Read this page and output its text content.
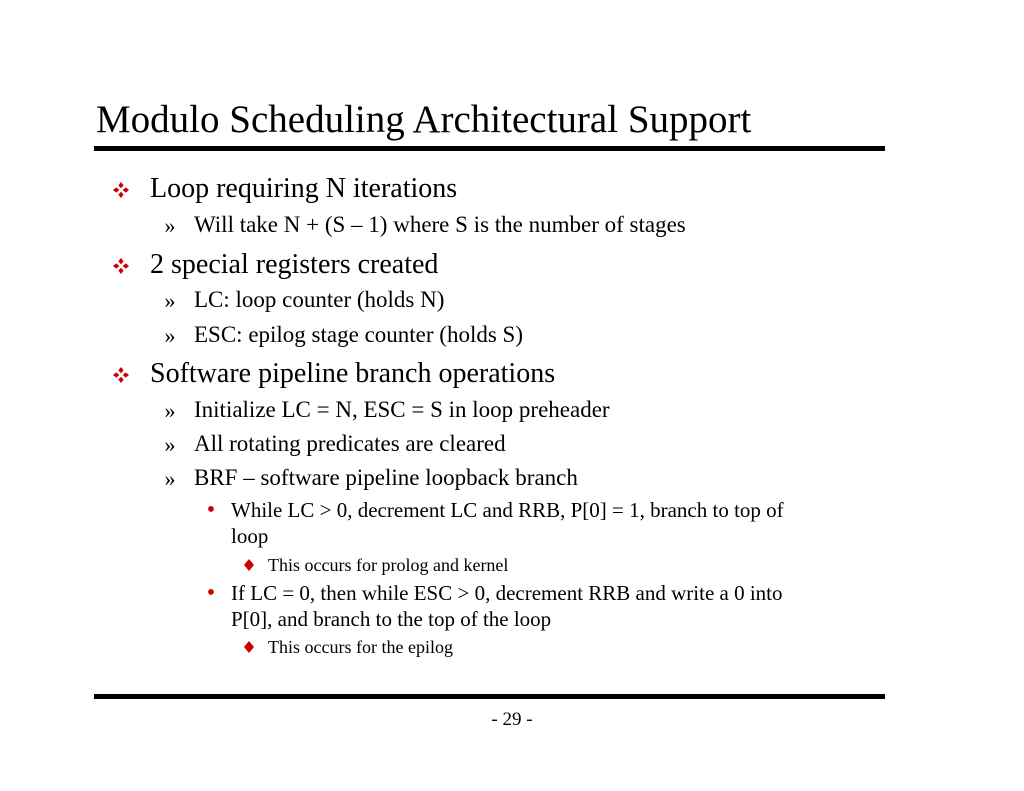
Modulo Scheduling Architectural Support
Loop requiring N iterations
» Will take N + (S – 1) where S is the number of stages
2 special registers created
» LC: loop counter (holds N)
» ESC: epilog stage counter (holds S)
Software pipeline branch operations
» Initialize LC = N, ESC = S in loop preheader
» All rotating predicates are cleared
» BRF – software pipeline loopback branch
• While LC > 0, decrement LC and RRB, P[0] = 1, branch to top of
loop
This occurs for prolog and kernel
• If LC = 0, then while ESC > 0, decrement RRB and write a 0 into
P[0], and branch to the top of the loop
This occurs for the epilog
- 29 -
